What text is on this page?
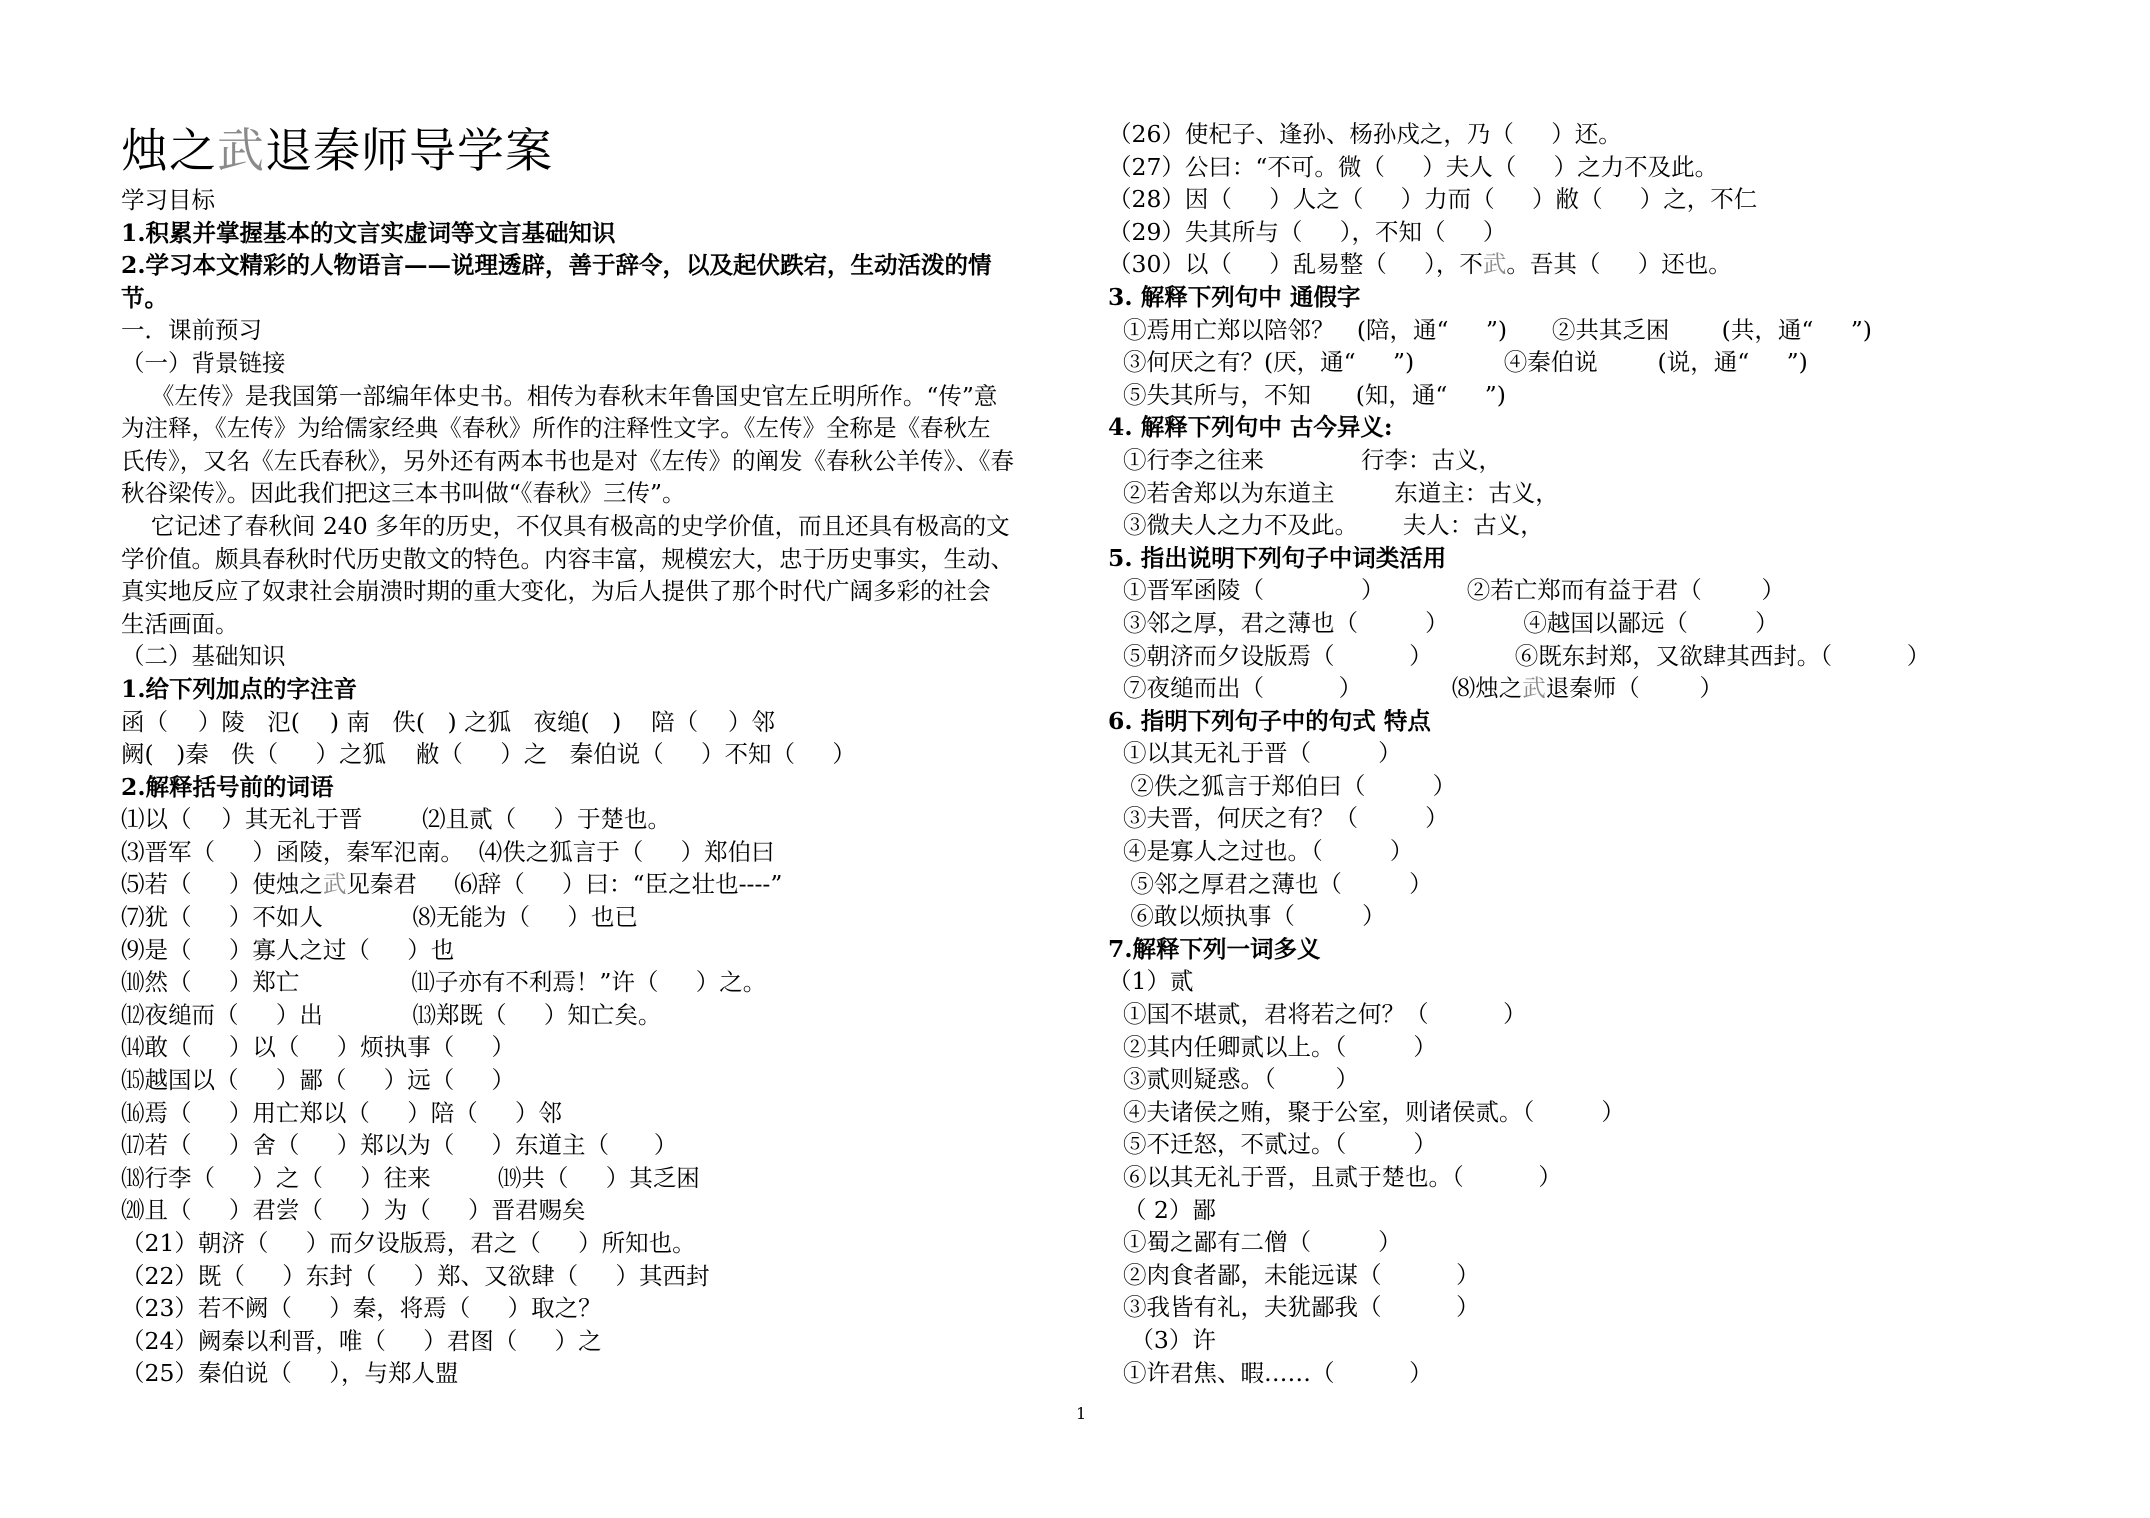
烛之武退秦师导学案
学习目标
1.积累并掌握基本的文言实虚词等文言基础知识
2.学习本文精彩的人物语言——说理透辟，善于辞令，以及起伏跌宕，生动活泼的情
节。
一．课前预习
（一）背景链接
《左传》是我国第一部编年体史书。相传为春秋末年鲁国史官左丘明所作。“传”意
为注释，《左传》为给儒家经典《春秋》所作的注释性文字。《左传》全称是《春秋左
氏传》，又名《左氏春秋》，另外还有两本书也是对《左传》的阐发《春秋公羊传》、《春
秋谷梁传》。因此我们把这三本书叫做“《春秋》三传”。
它记述了春秋间 240 多年的历史，不仅具有极高的史学价值，而且还具有极高的文
学价值。颇具春秋时代历史散文的特色。内容丰富，规模宏大，忠于历史事实，生动、
真实地反应了奴隶社会崩溃时期的重大变化，为后人提供了那个时代广阔多彩的社会
生活画面。
（二）基础知识
1.给下列加点的字注音
函（    ）陵   氾(    ) 南   佚(   ) 之狐   夜缒(   )    陪（    ）邻
阙(   )秦   佚（     ）之狐    敝（     ）之   秦伯说（     ）不知（     ）
2.解释括号前的词语
⑴以（    ）其无礼于晋        ⑵且贰（     ）于楚也。
⑶晋军（     ）函陵，秦军氾南。  ⑷佚之狐言于（     ）郑伯曰
⑸若（     ）使烛之武见秦君     ⑹辞（     ）曰：“臣之壮也----”
⑺犹（     ）不如人            ⑻无能为（     ）也已
⑼是（     ）寡人之过（     ）也
⑽然（     ）郑亡               ⑾子亦有不利焉！”许（     ）之。
⑿夜缒而（     ）出            ⒀郑既（     ）知亡矣。
⒁敢（     ）以（     ）烦执事（     ）
⒂越国以（     ）鄙（     ）远（     ）
⒃焉（     ）用亡郑以（     ）陪（     ）邻
⒄若（     ）舍（     ）郑以为（     ）东道主（      ）
⒅行李（     ）之（     ）往来         ⒆共（     ）其乏困
⒇且（     ）君尝（     ）为（     ）晋君赐矣
（21）朝济（     ）而夕设版焉，君之（     ）所知也。
（22）既（     ）东封（     ）郑、又欲肆（     ）其西封
（23）若不阙（     ）秦，将焉（     ）取之？
（24）阙秦以利晋，唯（     ）君图（     ）之
（25）秦伯说（     ），与郑人盟
（26）使杞子、逢孙、杨孙戍之，乃（     ）还。
（27）公曰：“不可。微（     ）夫人（     ）之力不及此。
（28）因（     ）人之（     ）力而（     ）敝（     ）之，不仁
（29）失其所与（     ），不知（     ）
（30）以（     ）乱易整（     ），不武。吾其（     ）还也。
3. 解释下列句中 通假字
①焉用亡郑以陪邻？   (陪，通“     ”)      ②共其乏困       (共，通“     ”)
③何厌之有？(厌，通“     ”)            ④秦伯说        (说，通“     ”)
⑤失其所与，不知      (知，通“     ”)
4. 解释下列句中 古今异义:
①行李之往来             行李：古义，
②若舍郑以为东道主        东道主：古义，
③微夫人之力不及此。      夫人：古义，
5. 指出说明下列句子中词类活用
①晋军函陵（             ）           ②若亡郑而有益于君（        ）
③邻之厚，君之薄也（         ）          ④越国以鄙远（         ）
⑤朝济而夕设版焉（          ）           ⑥既东封郑，又欲肆其西封。（          ）
⑦夜缒而出（          ）            ⑻烛之武退秦师（        ）
6. 指明下列句子中的句式 特点
①以其无礼于晋（         ）
②佚之狐言于郑伯曰（         ）
③夫晋，何厌之有？（         ）
④是寡人之过也。（         ）
⑤邻之厚君之薄也（         ）
⑥敢以烦执事（         ）
7.解释下列一词多义
（1）贰
①国不堪贰，君将若之何？（          ）
②其内任卿贰以上。（         ）
③贰则疑惑。（        ）
④夫诸侯之贿，聚于公室，则诸侯贰。（         ）
⑤不迁怒，不贰过。（         ）
⑥以其无礼于晋，且贰于楚也。（          ）
（ 2）鄙
①蜀之鄙有二僧（         ）
②肉食者鄙，未能远谋（          ）
③我皆有礼，夫犹鄙我（          ）
（3）许
①许君焦、暇……（          ）
1
